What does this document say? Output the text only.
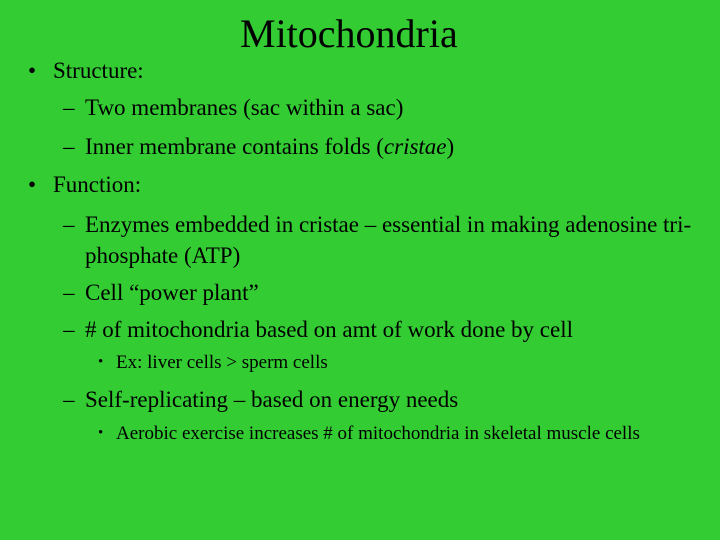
Mitochondria
• Structure:
– Two membranes (sac within a sac)
– Inner membrane contains folds (cristae)
• Function:
– Enzymes embedded in cristae – essential in making adenosine tri-phosphate (ATP)
– Cell “power plant”
– # of mitochondria based on amt of work done by cell
• Ex: liver cells > sperm cells
– Self-replicating – based on energy needs
• Aerobic exercise increases # of mitochondria in skeletal muscle cells
